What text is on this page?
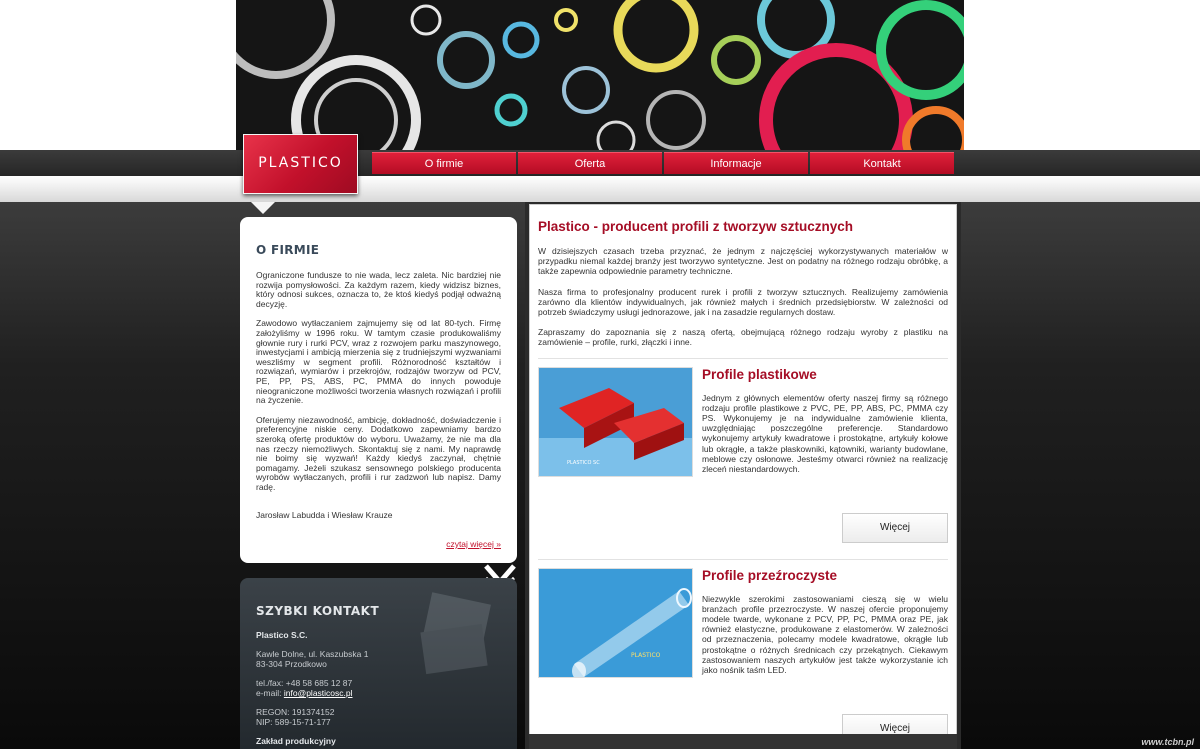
PLASTICO	O firmie	Oferta	Informacje	Kontakt
O FIRMIE

Ograniczone fundusze to nie wada, lecz zaleta. Nic bardziej nie rozwija pomysłowości. Za każdym razem, kiedy widzisz biznes, który odnosi sukces, oznacza to, że ktoś kiedyś podjął odważną decyzję.

Zawodowo wytłaczaniem zajmujemy się od lat 80-tych. Firmę założyliśmy w 1996 roku. W tamtym czasie produkowaliśmy głownie rury i rurki PCV, wraz z rozwojem parku maszynowego, inwestycjami i ambicją mierzenia się z trudniejszymi wyzwaniami weszliśmy w segment profili. Różnorodność kształtów i rozwiązań, wymiarów i przekrojów, rodzajów tworzyw od PCV, PE, PP, PS, ABS, PC, PMMA do innych powoduje nieograniczone możliwości tworzenia własnych rozwiązań i profili na życzenie.

Oferujemy niezawodność, ambicję, dokładność, doświadczenie i preferencyjne niskie ceny. Dodatkowo zapewniamy bardzo szeroką ofertę produktów do wyboru. Uważamy, że nie ma dla nas rzeczy niemożliwych. Skontaktuj się z nami. My naprawdę nie boimy się wyzwań! Każdy kiedyś zaczynał, chętnie pomagamy. Jeżeli szukasz sensownego polskiego producenta wyrobów wytłaczanych, profili i rur zadzwoń lub napisz. Damy radę.

Jarosław Labudda i Wiesław Krauze
czytaj więcej »
SZYBKI KONTAKT

Plastico S.C.

Kawle Dolne, ul. Kaszubska 1
83-304 Przodkowo

tel./fax: +48 58 685 12 87
e-mail: info@plasticosc.pl

REGON: 191374152
NIP: 589-15-71-177

Zakład produkcyjny

Plastico - producent profili z tworzyw sztucznych

W dzisiejszych czasach trzeba przyznać, że jednym z najczęściej wykorzystywanych materiałów w przypadku niemal każdej branży jest tworzywo syntetyczne. Jest on podatny na różnego rodzaju obróbkę, a także zapewnia odpowiednie parametry techniczne.

Nasza firma to profesjonalny producent rurek i profili z tworzyw sztucznych. Realizujemy zamówienia zarówno dla klientów indywidualnych, jak również małych i średnich przedsiębiorstw. W zależności od potrzeb świadczymy usługi jednorazowe, jak i na zasadzie regularnych dostaw.

Zapraszamy do zapoznania się z naszą ofertą, obejmującą różnego rodzaju wyroby z plastiku na zamówienie – profile, rurki, złączki i inne.

PLASTICO SC
Profile plastikowe

Jednym z głównych elementów oferty naszej firmy są różnego rodzaju profile plastikowe z PVC, PE, PP, ABS, PC, PMMA czy PS. Wykonujemy je na indywidualne zamówienie klienta, uwzględniając poszczególne preferencje. Standardowo wykonujemy artykuły kwadratowe i prostokątne, artykuły kołowe lub okrągłe, a także płaskowniki, kątowniki, warianty budowlane, meblowe czy osłonowe. Jesteśmy otwarci również na realizację zleceń niestandardowych.

Więcej
PLASTICO
Profile przeźroczyste

Niezwykle szerokimi zastosowaniami cieszą się w wielu branżach profile przezroczyste. W naszej ofercie proponujemy modele twarde, wykonane z PCV, PP, PC, PMMA oraz PE, jak również elastyczne, produkowane z elastomerów. W zależności od przeznaczenia, polecamy modele kwadratowe, okrągłe lub prostokątne o różnych średnicach czy przekątnych. Ciekawym zastosowaniem naszych artykułów jest także wykorzystanie ich jako nośnik taśm LED.

Więcej
www.tcbn.pl
